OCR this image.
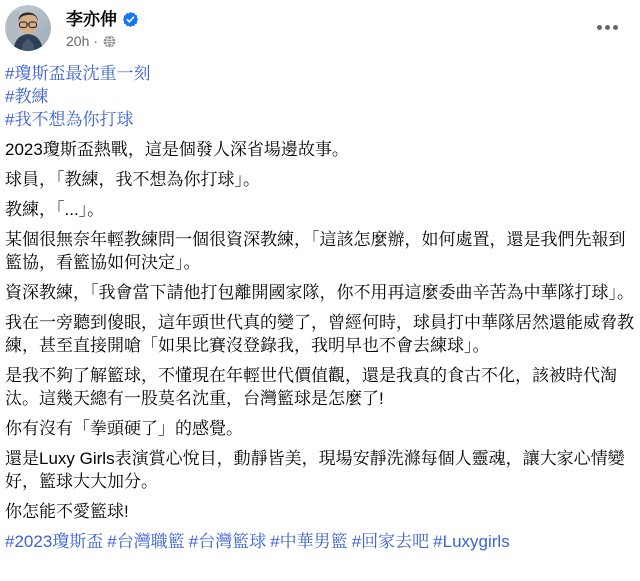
李亦伸
20h ·
#瓊斯盃最沈重一刻
#教練
#我不想為你打球

2023瓊斯盃熱戰，這是個發人深省場邊故事。

球員，「教練，我不想為你打球」。

教練，「...」。

某個很無奈年輕教練問一個很資深教練，「這該怎麼辦，如何處置，還是我們先報到籃協，看籃協如何決定」。

資深教練，「我會當下請他打包離開國家隊，你不用再這麼委曲辛苦為中華隊打球」。

我在一旁聽到傻眼，這年頭世代真的變了，曾經何時，球員打中華隊居然還能威脅教練，甚至直接開嗆「如果比賽沒登錄我，我明早也不會去練球」。

是我不夠了解籃球，不懂現在年輕世代價值觀，還是我真的食古不化，該被時代淘汰。這幾天總有一股莫名沈重，台灣籃球是怎麼了!

你有沒有「拳頭硬了」的感覺。

還是Luxy Girls表演賞心悅目，動靜皆美，現場安靜洗滌每個人靈魂，讓大家心情變好，籃球大大加分。

你怎能不愛籃球!

#2023瓊斯盃 #台灣職籃 #台灣籃球 #中華男籃 #回家去吧 #Luxygirls
